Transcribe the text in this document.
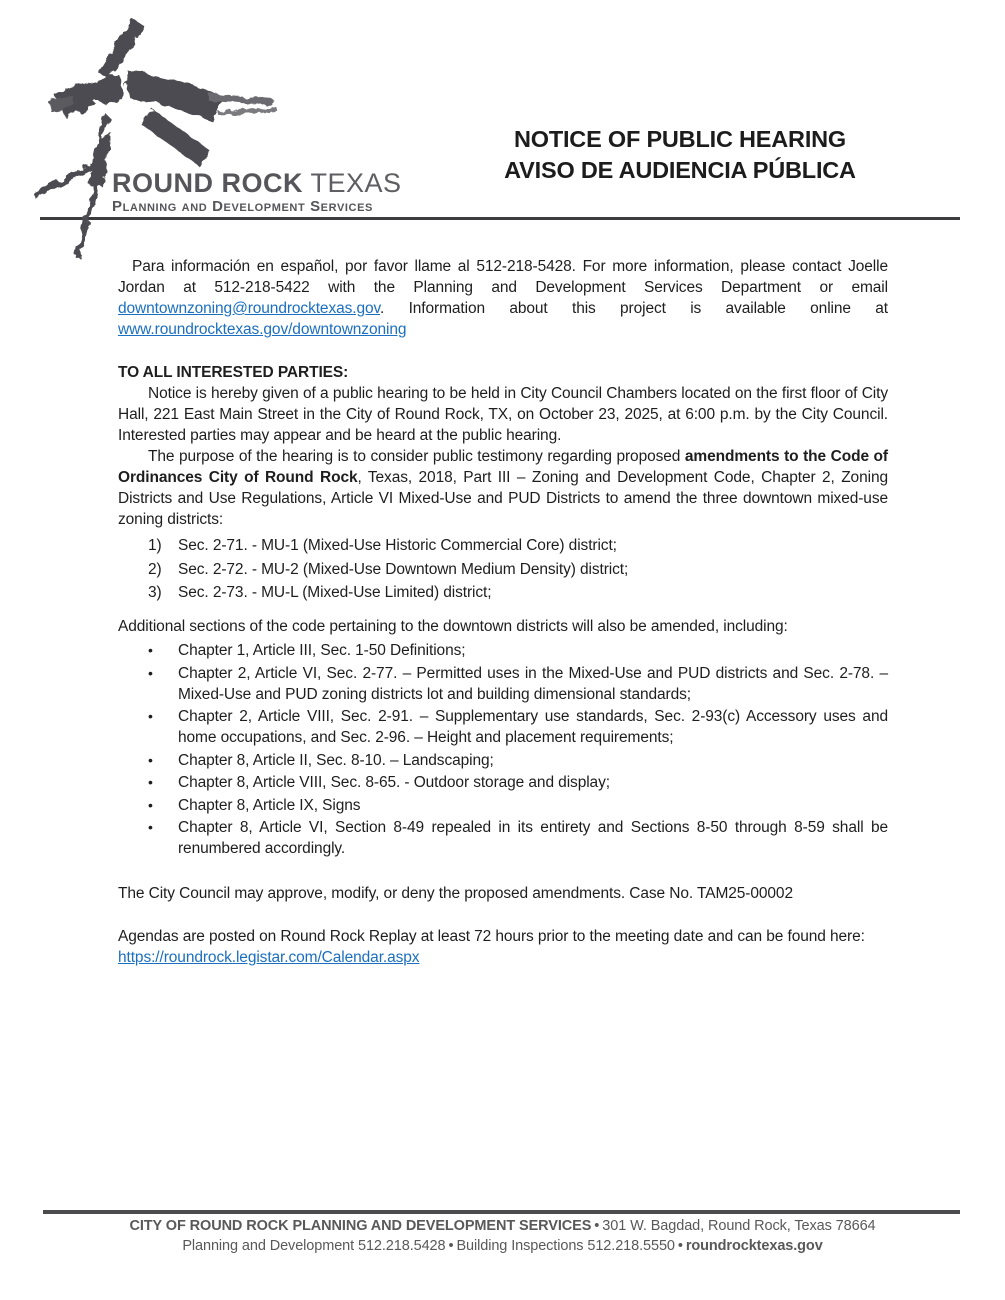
ROUND ROCK TEXAS
Planning and Development Services
NOTICE OF PUBLIC HEARING
AVISO DE AUDIENCIA PÚBLICA

Para información en español, por favor llame al 512-218-5428. For more information, please contact Joelle Jordan at 512-218-5422 with the Planning and Development Services Department or email downtownzoning@roundrocktexas.gov. Information about this project is available online at www.roundrocktexas.gov/downtownzoning

TO ALL INTERESTED PARTIES:

Notice is hereby given of a public hearing to be held in City Council Chambers located on the first floor of City Hall, 221 East Main Street in the City of Round Rock, TX, on October 23, 2025, at 6:00 p.m. by the City Council. Interested parties may appear and be heard at the public hearing.

The purpose of the hearing is to consider public testimony regarding proposed amendments to the Code of Ordinances City of Round Rock, Texas, 2018, Part III – Zoning and Development Code, Chapter 2, Zoning Districts and Use Regulations, Article VI Mixed-Use and PUD Districts to amend the three downtown mixed-use zoning districts:

1)	Sec. 2-71. - MU-1 (Mixed-Use Historic Commercial Core) district;
2)	Sec. 2-72. - MU-2 (Mixed-Use Downtown Medium Density) district;
3)	Sec. 2-73. - MU-L (Mixed-Use Limited) district;

Additional sections of the code pertaining to the downtown districts will also be amended, including:

•	Chapter 1, Article III, Sec. 1-50 Definitions;
•	Chapter 2, Article VI, Sec. 2-77. – Permitted uses in the Mixed-Use and PUD districts and Sec. 2-78. – Mixed-Use and PUD zoning districts lot and building dimensional standards;
•	Chapter 2, Article VIII, Sec. 2-91. – Supplementary use standards, Sec. 2-93(c) Accessory uses and home occupations, and Sec. 2-96. – Height and placement requirements;
•	Chapter 8, Article II, Sec. 8-10. – Landscaping;
•	Chapter 8, Article VIII, Sec. 8-65. - Outdoor storage and display;
•	Chapter 8, Article IX, Signs
•	Chapter 8, Article VI, Section 8-49 repealed in its entirety and Sections 8-50 through 8-59 shall be renumbered accordingly.

The City Council may approve, modify, or deny the proposed amendments. Case No. TAM25-00002

Agendas are posted on Round Rock Replay at least 72 hours prior to the meeting date and can be found here: https://roundrock.legistar.com/Calendar.aspx

CITY OF ROUND ROCK PLANNING AND DEVELOPMENT SERVICES • 301 W. Bagdad, Round Rock, Texas 78664
Planning and Development 512.218.5428 • Building Inspections 512.218.5550 • roundrocktexas.gov
